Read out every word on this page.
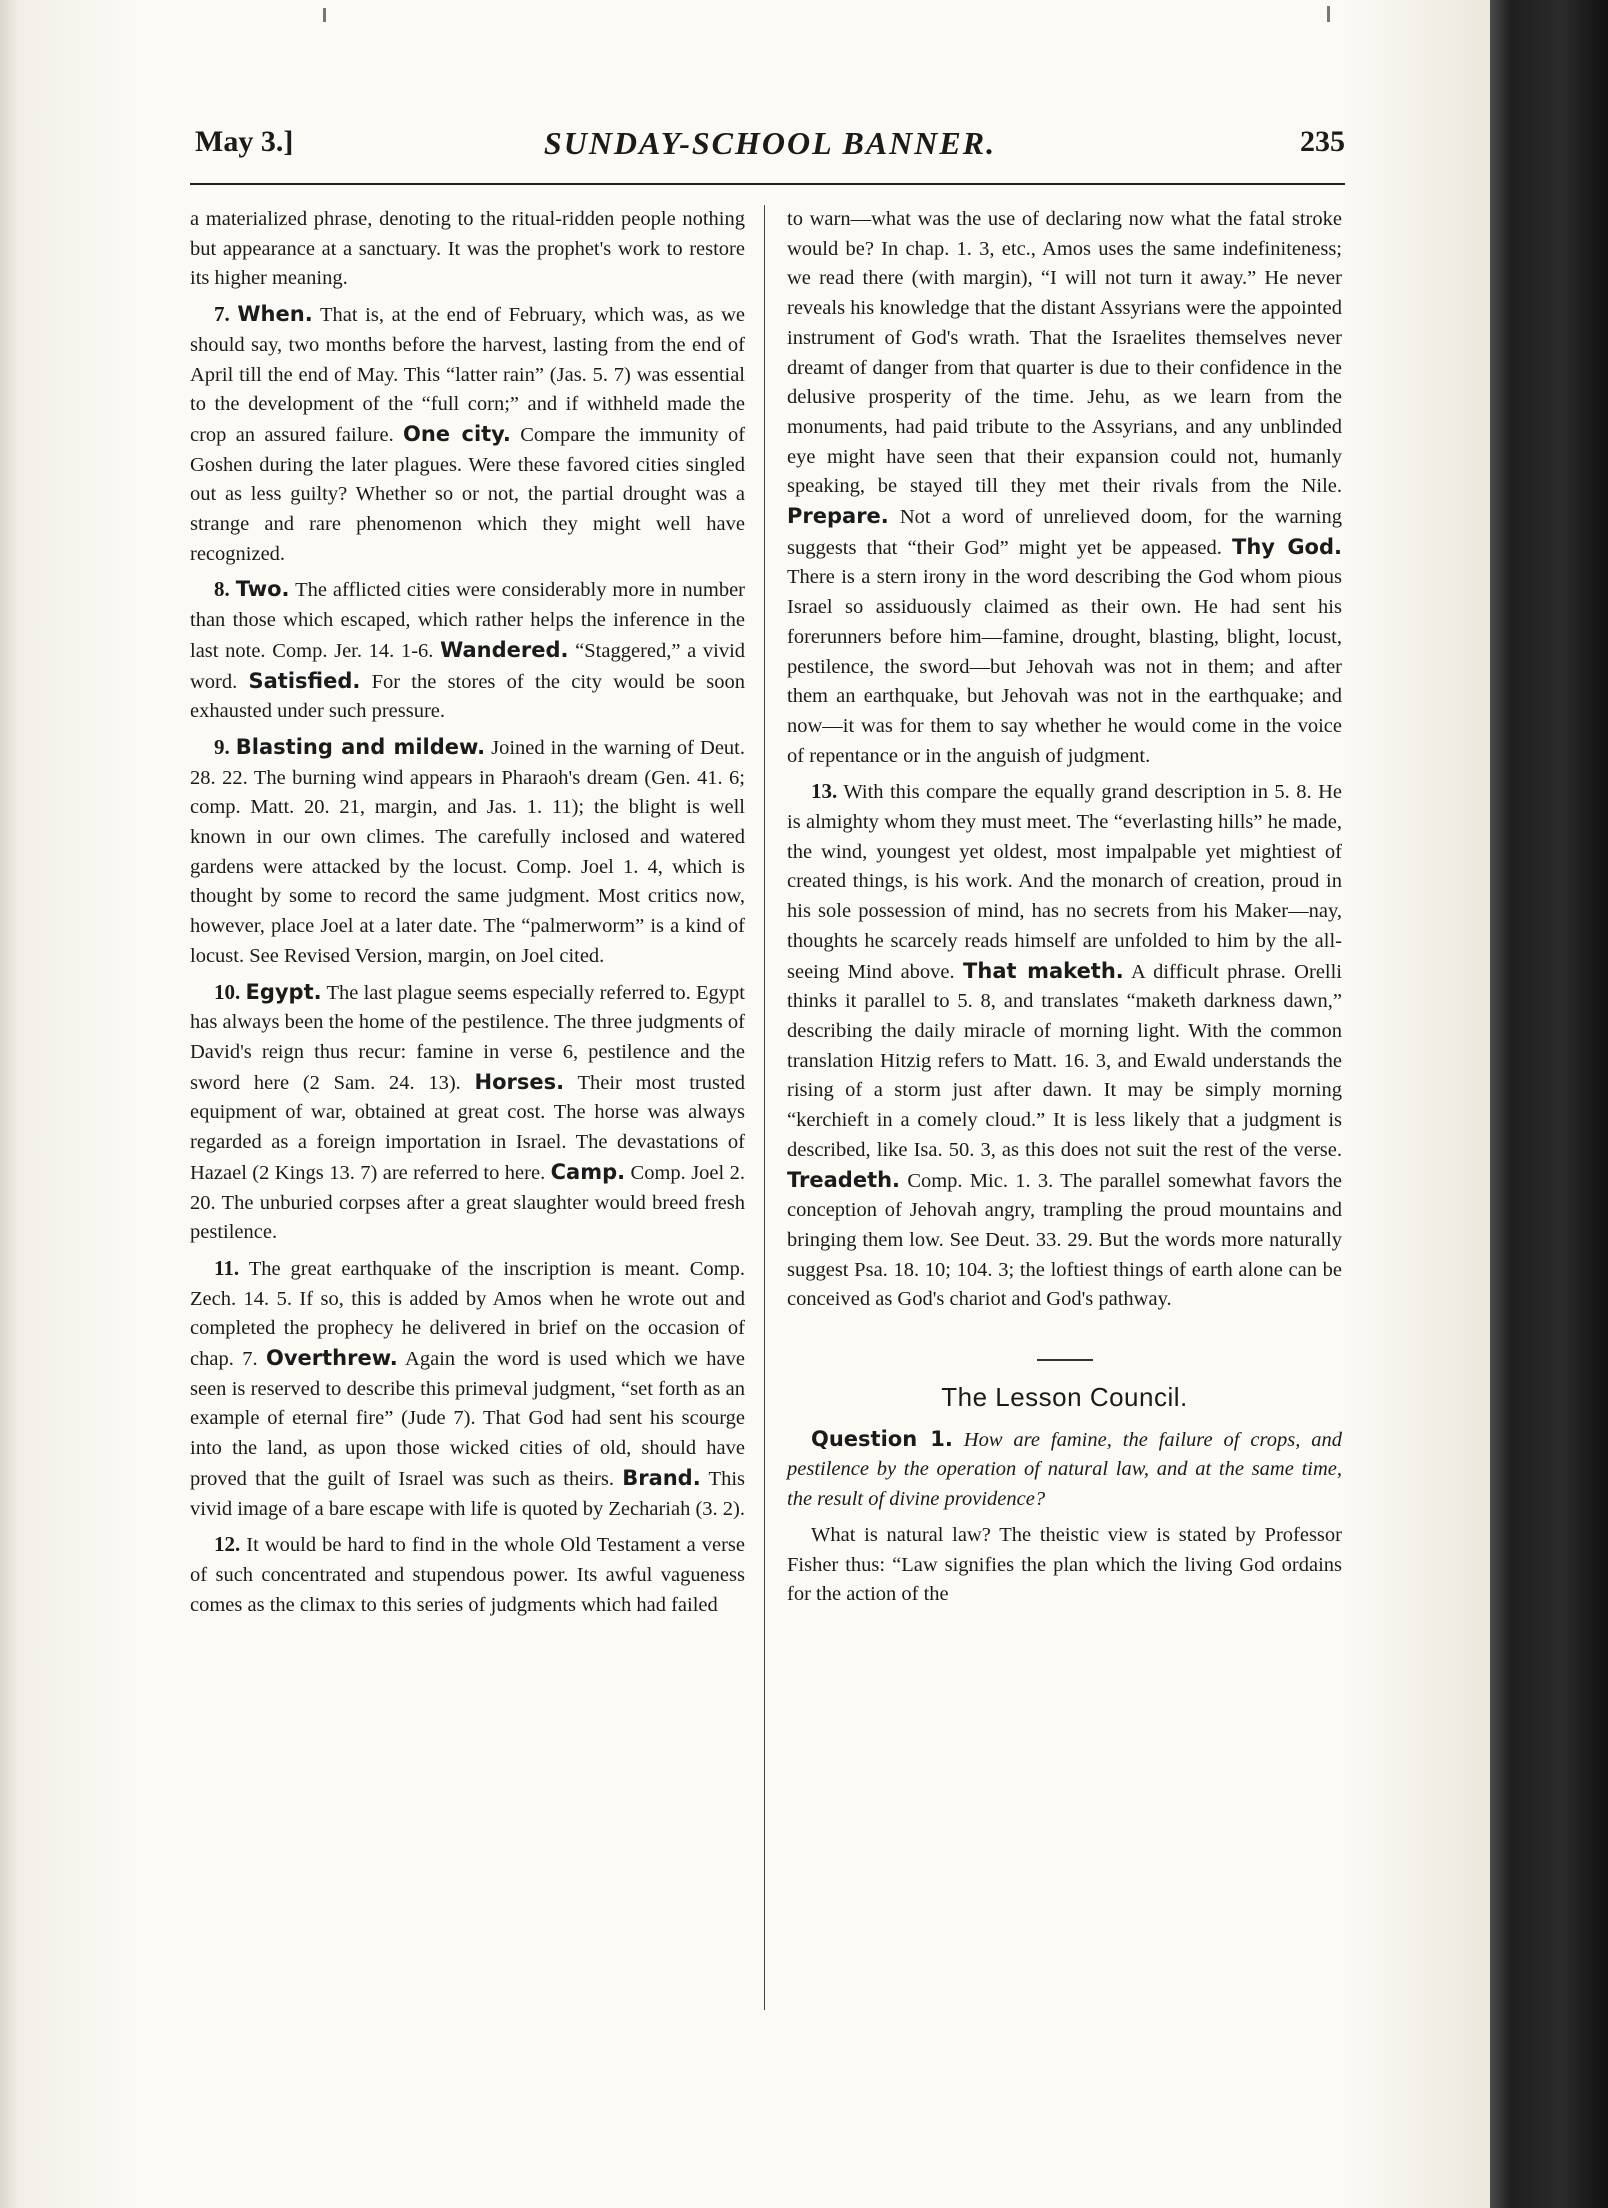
May 3.]	SUNDAY-SCHOOL BANNER.	235

a materialized phrase, denoting to the ritual-ridden people nothing but appearance at a sanctuary. It was the prophet's work to restore its higher meaning.

7. When. That is, at the end of February, which was, as we should say, two months before the harvest, lasting from the end of April till the end of May. This “latter rain” (Jas. 5. 7) was essential to the development of the “full corn;” and if withheld made the crop an assured failure. One city. Compare the immunity of Goshen during the later plagues. Were these favored cities singled out as less guilty? Whether so or not, the partial drought was a strange and rare phenomenon which they might well have recognized.

8. Two. The afflicted cities were considerably more in number than those which escaped, which rather helps the inference in the last note. Comp. Jer. 14. 1-6. Wandered. “Staggered,” a vivid word. Satisfied. For the stores of the city would be soon exhausted under such pressure.

9. Blasting and mildew. Joined in the warning of Deut. 28. 22. The burning wind appears in Pharaoh's dream (Gen. 41. 6; comp. Matt. 20. 21, margin, and Jas. 1. 11); the blight is well known in our own climes. The carefully inclosed and watered gardens were attacked by the locust. Comp. Joel 1. 4, which is thought by some to record the same judgment. Most critics now, however, place Joel at a later date. The “palmerworm” is a kind of locust. See Revised Version, margin, on Joel cited.

10. Egypt. The last plague seems especially referred to. Egypt has always been the home of the pestilence. The three judgments of David's reign thus recur: famine in verse 6, pestilence and the sword here (2 Sam. 24. 13). Horses. Their most trusted equipment of war, obtained at great cost. The horse was always regarded as a foreign importation in Israel. The devastations of Hazael (2 Kings 13. 7) are referred to here. Camp. Comp. Joel 2. 20. The unburied corpses after a great slaughter would breed fresh pestilence.

11. The great earthquake of the inscription is meant. Comp. Zech. 14. 5. If so, this is added by Amos when he wrote out and completed the prophecy he delivered in brief on the occasion of chap. 7. Overthrew. Again the word is used which we have seen is reserved to describe this primeval judgment, “set forth as an example of eternal fire” (Jude 7). That God had sent his scourge into the land, as upon those wicked cities of old, should have proved that the guilt of Israel was such as theirs. Brand. This vivid image of a bare escape with life is quoted by Zechariah (3. 2).

12. It would be hard to find in the whole Old Testament a verse of such concentrated and stupendous power. Its awful vagueness comes as the climax to this series of judgments which had failed

to warn—what was the use of declaring now what the fatal stroke would be? In chap. 1. 3, etc., Amos uses the same indefiniteness; we read there (with margin), “I will not turn it away.” He never reveals his knowledge that the distant Assyrians were the appointed instrument of God's wrath. That the Israelites themselves never dreamt of danger from that quarter is due to their confidence in the delusive prosperity of the time. Jehu, as we learn from the monuments, had paid tribute to the Assyrians, and any unblinded eye might have seen that their expansion could not, humanly speaking, be stayed till they met their rivals from the Nile. Prepare. Not a word of unrelieved doom, for the warning suggests that “their God” might yet be appeased. Thy God. There is a stern irony in the word describing the God whom pious Israel so assiduously claimed as their own. He had sent his forerunners before him—famine, drought, blasting, blight, locust, pestilence, the sword—but Jehovah was not in them; and after them an earthquake, but Jehovah was not in the earthquake; and now—it was for them to say whether he would come in the voice of repentance or in the anguish of judgment.

13. With this compare the equally grand description in 5. 8. He is almighty whom they must meet. The “everlasting hills” he made, the wind, youngest yet oldest, most impalpable yet mightiest of created things, is his work. And the monarch of creation, proud in his sole possession of mind, has no secrets from his Maker—nay, thoughts he scarcely reads himself are unfolded to him by the all-seeing Mind above. That maketh. A difficult phrase. Orelli thinks it parallel to 5. 8, and translates “maketh darkness dawn,” describing the daily miracle of morning light. With the common translation Hitzig refers to Matt. 16. 3, and Ewald understands the rising of a storm just after dawn. It may be simply morning “kerchieft in a comely cloud.” It is less likely that a judgment is described, like Isa. 50. 3, as this does not suit the rest of the verse. Treadeth. Comp. Mic. 1. 3. The parallel somewhat favors the conception of Jehovah angry, trampling the proud mountains and bringing them low. See Deut. 33. 29. But the words more naturally suggest Psa. 18. 10; 104. 3; the loftiest things of earth alone can be conceived as God's chariot and God's pathway.

The Lesson Council.

Question 1. How are famine, the failure of crops, and pestilence by the operation of natural law, and at the same time, the result of divine providence?

What is natural law? The theistic view is stated by Professor Fisher thus: “Law signifies the plan which the living God ordains for the action of the
